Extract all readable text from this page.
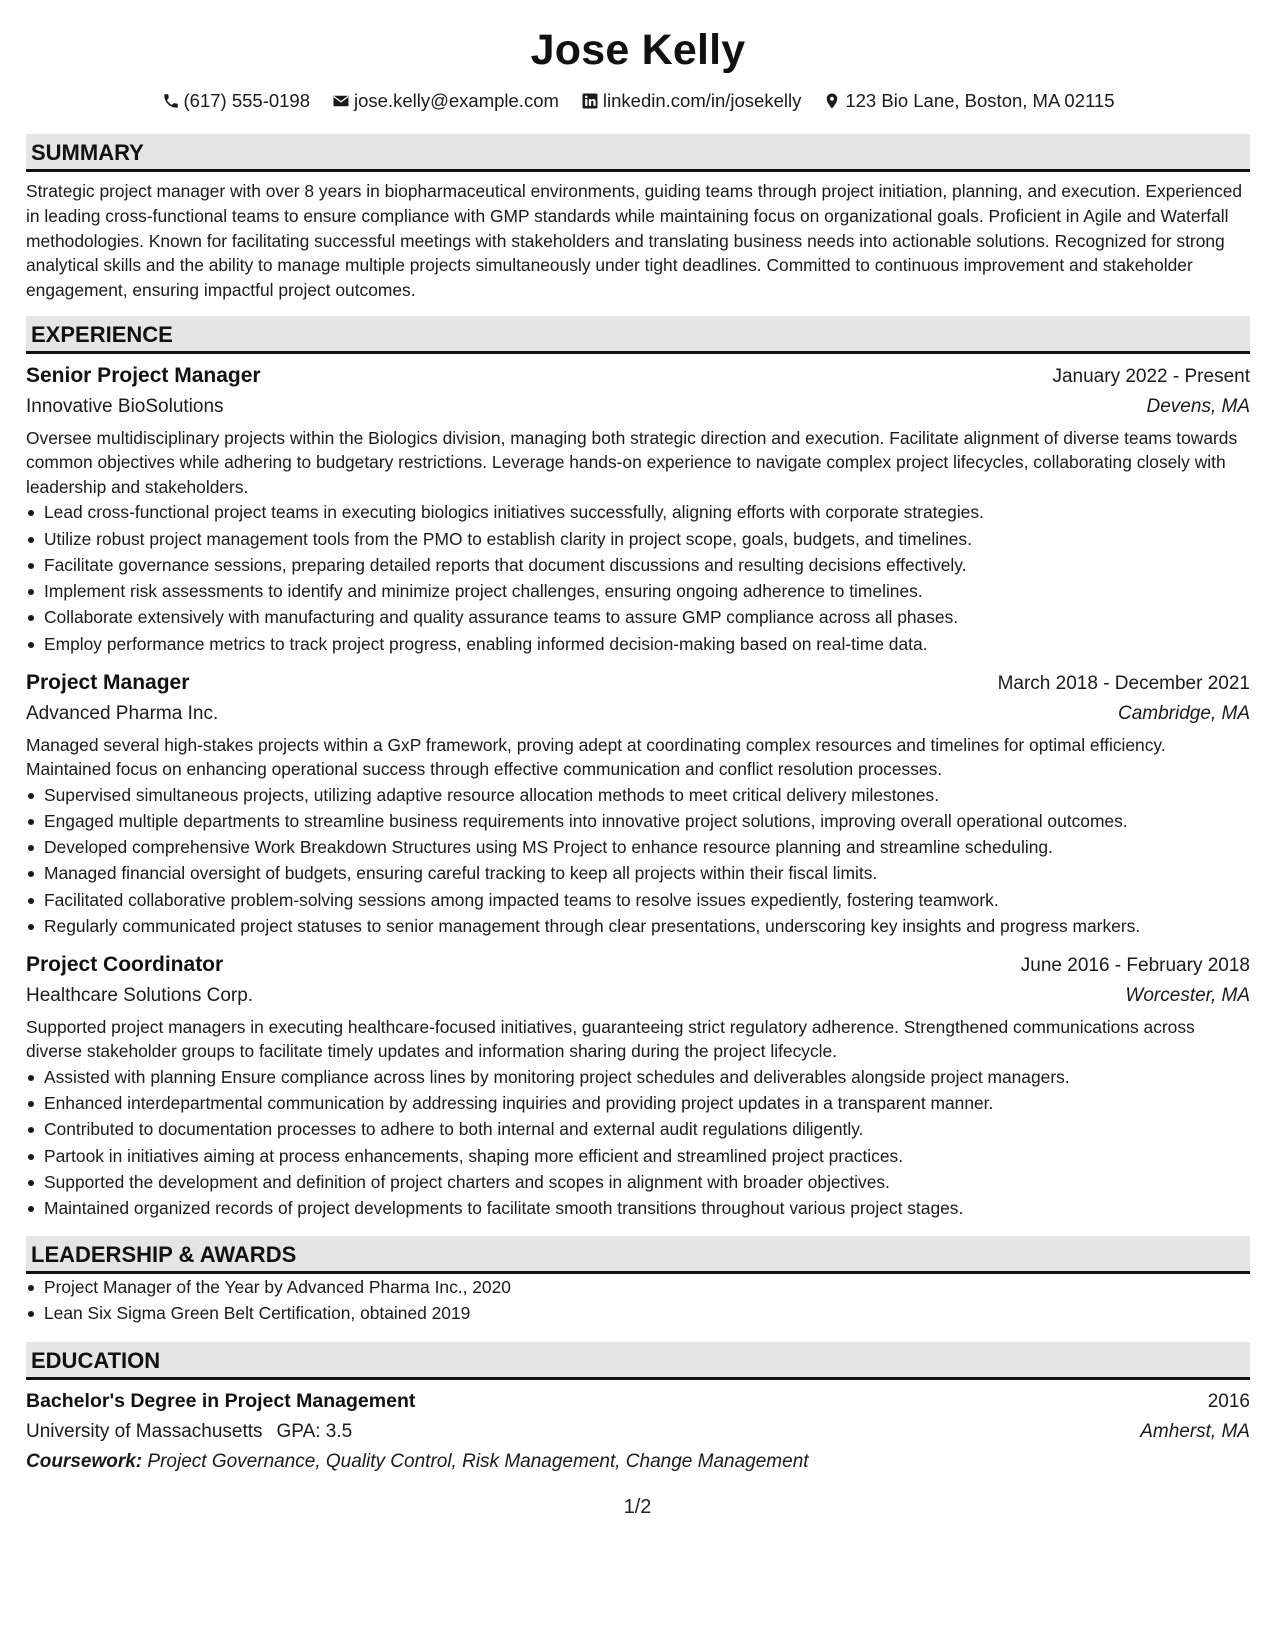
Jose Kelly
(617) 555-0198 jose.kelly@example.com linkedin.com/in/josekelly 123 Bio Lane, Boston, MA 02115
SUMMARY

Strategic project manager with over 8 years in biopharmaceutical environments, guiding teams through project initiation, planning, and execution. Experienced in leading cross-functional teams to ensure compliance with GMP standards while maintaining focus on organizational goals. Proficient in Agile and Waterfall methodologies. Known for facilitating successful meetings with stakeholders and translating business needs into actionable solutions. Recognized for strong analytical skills and the ability to manage multiple projects simultaneously under tight deadlines. Committed to continuous improvement and stakeholder engagement, ensuring impactful project outcomes.

EXPERIENCE
Senior Project Manager	January 2022 - Present
Innovative BioSolutions	Devens, MA
Oversee multidisciplinary projects within the Biologics division, managing both strategic direction and execution. Facilitate alignment of diverse teams towards common objectives while adhering to budgetary restrictions. Leverage hands-on experience to navigate complex project lifecycles, collaborating closely with leadership and stakeholders.
Lead cross-functional project teams in executing biologics initiatives successfully, aligning efforts with corporate strategies.
Utilize robust project management tools from the PMO to establish clarity in project scope, goals, budgets, and timelines.
Facilitate governance sessions, preparing detailed reports that document discussions and resulting decisions effectively.
Implement risk assessments to identify and minimize project challenges, ensuring ongoing adherence to timelines.
Collaborate extensively with manufacturing and quality assurance teams to assure GMP compliance across all phases.
Employ performance metrics to track project progress, enabling informed decision-making based on real-time data.
Project Manager	March 2018 - December 2021
Advanced Pharma Inc.	Cambridge, MA
Managed several high-stakes projects within a GxP framework, proving adept at coordinating complex resources and timelines for optimal efficiency. Maintained focus on enhancing operational success through effective communication and conflict resolution processes.
Supervised simultaneous projects, utilizing adaptive resource allocation methods to meet critical delivery milestones.
Engaged multiple departments to streamline business requirements into innovative project solutions, improving overall operational outcomes.
Developed comprehensive Work Breakdown Structures using MS Project to enhance resource planning and streamline scheduling.
Managed financial oversight of budgets, ensuring careful tracking to keep all projects within their fiscal limits.
Facilitated collaborative problem-solving sessions among impacted teams to resolve issues expediently, fostering teamwork.
Regularly communicated project statuses to senior management through clear presentations, underscoring key insights and progress markers.
Project Coordinator	June 2016 - February 2018
Healthcare Solutions Corp.	Worcester, MA
Supported project managers in executing healthcare-focused initiatives, guaranteeing strict regulatory adherence. Strengthened communications across diverse stakeholder groups to facilitate timely updates and information sharing during the project lifecycle.
Assisted with planning Ensure compliance across lines by monitoring project schedules and deliverables alongside project managers.
Enhanced interdepartmental communication by addressing inquiries and providing project updates in a transparent manner.
Contributed to documentation processes to adhere to both internal and external audit regulations diligently.
Partook in initiatives aiming at process enhancements, shaping more efficient and streamlined project practices.
Supported the development and definition of project charters and scopes in alignment with broader objectives.
Maintained organized records of project developments to facilitate smooth transitions throughout various project stages.
LEADERSHIP & AWARDS
Project Manager of the Year by Advanced Pharma Inc., 2020
Lean Six Sigma Green Belt Certification, obtained 2019
EDUCATION
Bachelor's Degree in Project Management	2016
University of Massachusetts GPA: 3.5	Amherst, MA
Coursework: Project Governance, Quality Control, Risk Management, Change Management
1/2
